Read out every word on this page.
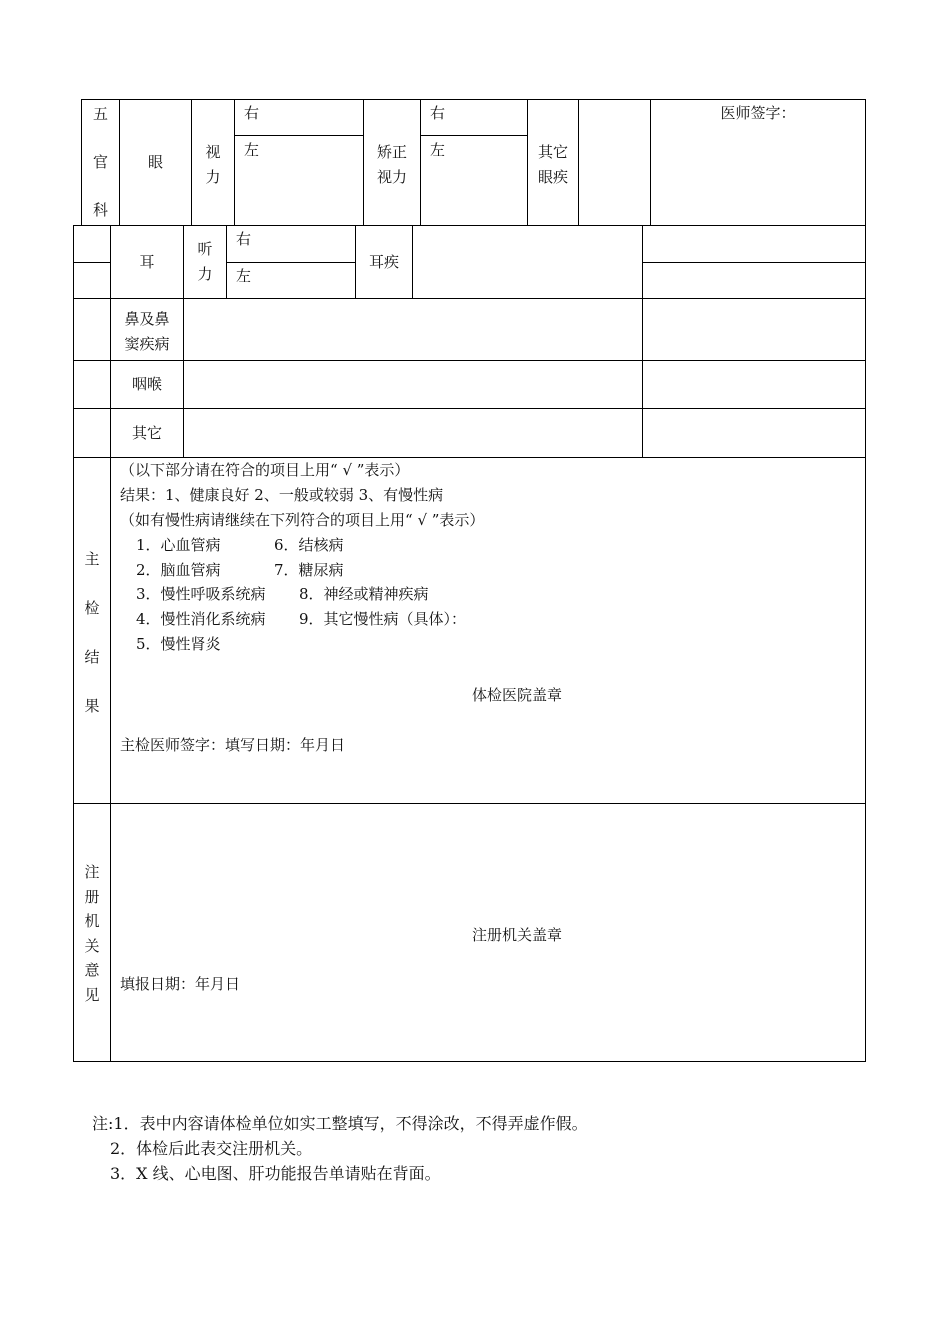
五
官
科
眼
视
力
右
左	矫正
视力
右
左	其它
眼疾
医师签字：
耳
听
力
右
左
耳疾
鼻及鼻
窦疾病
咽喉
其它
主
检
结
果
（以下部分请在符合的项目上用“ √ ”表示）
结果：1、健康良好 2、一般或较弱 3、有慢性病
（如有慢性病请继续在下列符合的项目上用“ √ ”表示）
1．心血管病
2．脑血管病
3．慢性呼吸系统病
4．慢性消化系统病
5．慢性肾炎
6．结核病
7．糖尿病
8．神经或精神疾病
9．其它慢性病（具体）：
体检医院盖章
主检医师签字：填写日期：年月日
注
册
机
关
意
见
注册机关盖章
填报日期：年月日
注:1．表中内容请体检单位如实工整填写，不得涂改，不得弄虚作假。
2．体检后此表交注册机关。
3．X 线、心电图、肝功能报告单请贴在背面。
